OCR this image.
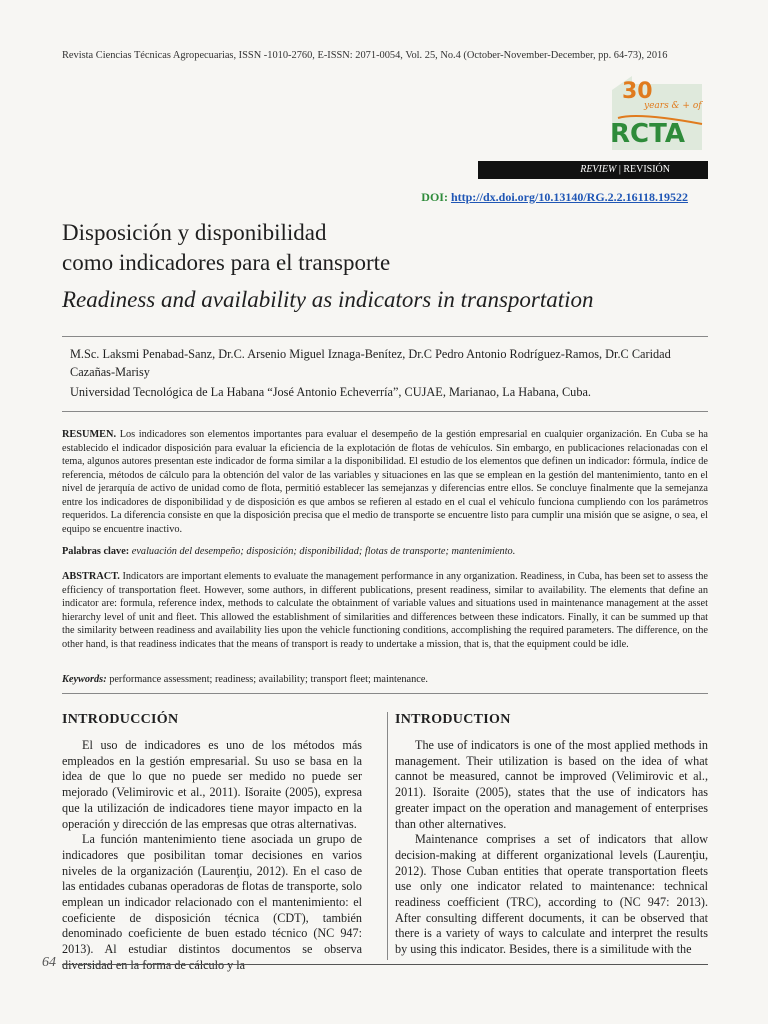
Revista Ciencias Técnicas Agropecuarias, ISSN -1010-2760, E-ISSN: 2071-0054, Vol. 25, No.4 (October-November-December, pp. 64-73), 2016
30
years & + of
RCTA
REVIEW | REVISIÓN
DOI: http://dx.doi.org/10.13140/RG.2.2.16118.19522
Disposición y disponibilidad
como indicadores para el transporte
Readiness and availability as indicators in transportation
M.Sc. Laksmi Penabad-Sanz, Dr.C. Arsenio Miguel Iznaga-Benítez, Dr.C Pedro Antonio Rodríguez-Ramos, Dr.C Caridad Cazañas-Marisy
Universidad Tecnológica de La Habana “José Antonio Echeverría”, CUJAE, Marianao, La Habana, Cuba.
RESUMEN. Los indicadores son elementos importantes para evaluar el desempeño de la gestión empresarial en cualquier organización. En Cuba se ha establecido el indicador disposición para evaluar la eficiencia de la explotación de flotas de vehículos. Sin embargo, en publicaciones relacionadas con el tema, algunos autores presentan este indicador de forma similar a la disponibilidad. El estudio de los elementos que definen un indicador: fórmula, índice de referencia, métodos de cálculo para la obtención del valor de las variables y situaciones en las que se emplean en la gestión del mantenimiento, tanto en el nivel de jerarquía de activo de unidad como de flota, permitió establecer las semejanzas y diferencias entre ellos. Se concluye finalmente que la semejanza entre los indicadores de disponibilidad y de disposición es que ambos se refieren al estado en el cual el vehículo funciona cumpliendo con los parámetros requeridos. La diferencia consiste en que la disposición precisa que el medio de transporte se encuentre listo para cumplir una misión que se asigne, o sea, el equipo se encuentre inactivo.
Palabras clave: evaluación del desempeño; disposición; disponibilidad; flotas de transporte; mantenimiento.
ABSTRACT. Indicators are important elements to evaluate the management performance in any organization. Readiness, in Cuba, has been set to assess the efficiency of transportation fleet. However, some authors, in different publications, present readiness, similar to availability. The elements that define an indicator are: formula, reference index, methods to calculate the obtainment of variable values and situations used in maintenance management at the asset hierarchy level of unit and fleet. This allowed the establishment of similarities and differences between these indicators. Finally, it can be summed up that the similarity between readiness and availability lies upon the vehicle functioning conditions, accomplishing the required parameters. The difference, on the other hand, is that readiness indicates that the means of transport is ready to undertake a mission, that is, that the equipment could be idle.
Keywords: performance assessment; readiness; availability; transport fleet; maintenance.
INTRODUCCIÓN

El uso de indicadores es uno de los métodos más empleados en la gestión empresarial. Su uso se basa en la idea de que lo que no puede ser medido no puede ser mejorado (Velimirovic et al., 2011). Išoraite (2005), expresa que la utilización de indicadores tiene mayor impacto en la operación y dirección de las empresas que otras alternativas.

La función mantenimiento tiene asociada un grupo de indicadores que posibilitan tomar decisiones en varios niveles de la organización (Laurenţiu, 2012). En el caso de las entidades cubanas operadoras de flotas de transporte, solo emplean un indicador relacionado con el mantenimiento: el coeficiente de disposición técnica (CDT), también denominado coeficiente de buen estado técnico (NC 947: 2013). Al estudiar distintos documentos se observa

INTRODUCTION

The use of indicators is one of the most applied methods in management. Their utilization is based on the idea of what cannot be measured, cannot be improved (Velimirovic et al., 2011). Išoraite (2005), states that the use of indicators has greater impact on the operation and management of enterprises than other alternatives.

Maintenance comprises a set of indicators that allow decision-making at different organizational levels (Laurenţiu, 2012). Those Cuban entities that operate transportation fleets use only one indicator related to maintenance: technical readiness coefficient (TRC), according to (NC 947: 2013). After consulting different documents, it can be observed that there is a variety of ways to calculate and interpret the results by using this indicator. Besides, there is a similitude with the

64
